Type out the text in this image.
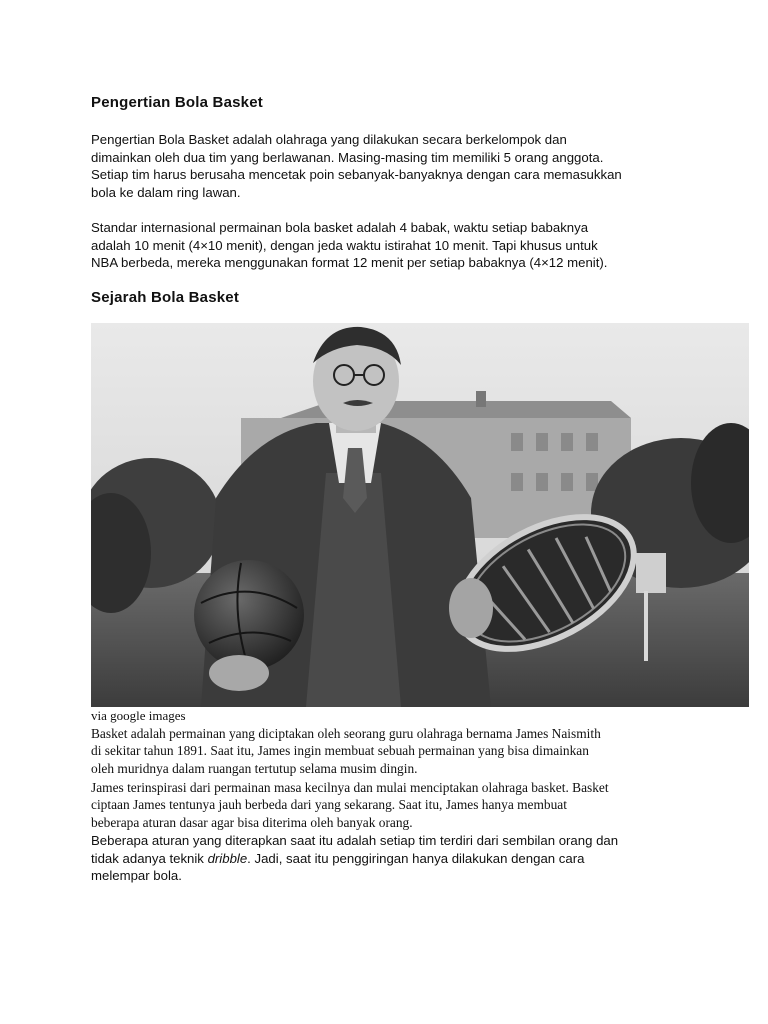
Pengertian Bola Basket

Pengertian Bola Basket adalah olahraga yang dilakukan secara berkelompok dan
dimainkan oleh dua tim yang berlawanan. Masing-masing tim memiliki 5 orang anggota.
Setiap tim harus berusaha mencetak poin sebanyak-banyaknya dengan cara memasukkan
bola ke dalam ring lawan.

Standar internasional permainan bola basket adalah 4 babak, waktu setiap babaknya
adalah 10 menit (4×10 menit), dengan jeda waktu istirahat 10 menit. Tapi khusus untuk
NBA berbeda, mereka menggunakan format 12 menit per setiap babaknya (4×12 menit).

Sejarah Bola Basket
via google images

Basket adalah permainan yang diciptakan oleh seorang guru olahraga bernama James Naismith
di sekitar tahun 1891. Saat itu, James ingin membuat sebuah permainan yang bisa dimainkan
oleh muridnya dalam ruangan tertutup selama musim dingin.

James terinspirasi dari permainan masa kecilnya dan mulai menciptakan olahraga basket. Basket
ciptaan James tentunya jauh berbeda dari yang sekarang. Saat itu, James hanya membuat
beberapa aturan dasar agar bisa diterima oleh banyak orang.

Beberapa aturan yang diterapkan saat itu adalah setiap tim terdiri dari sembilan orang dan
tidak adanya teknik dribble. Jadi, saat itu penggiringan hanya dilakukan dengan cara
melempar bola.
